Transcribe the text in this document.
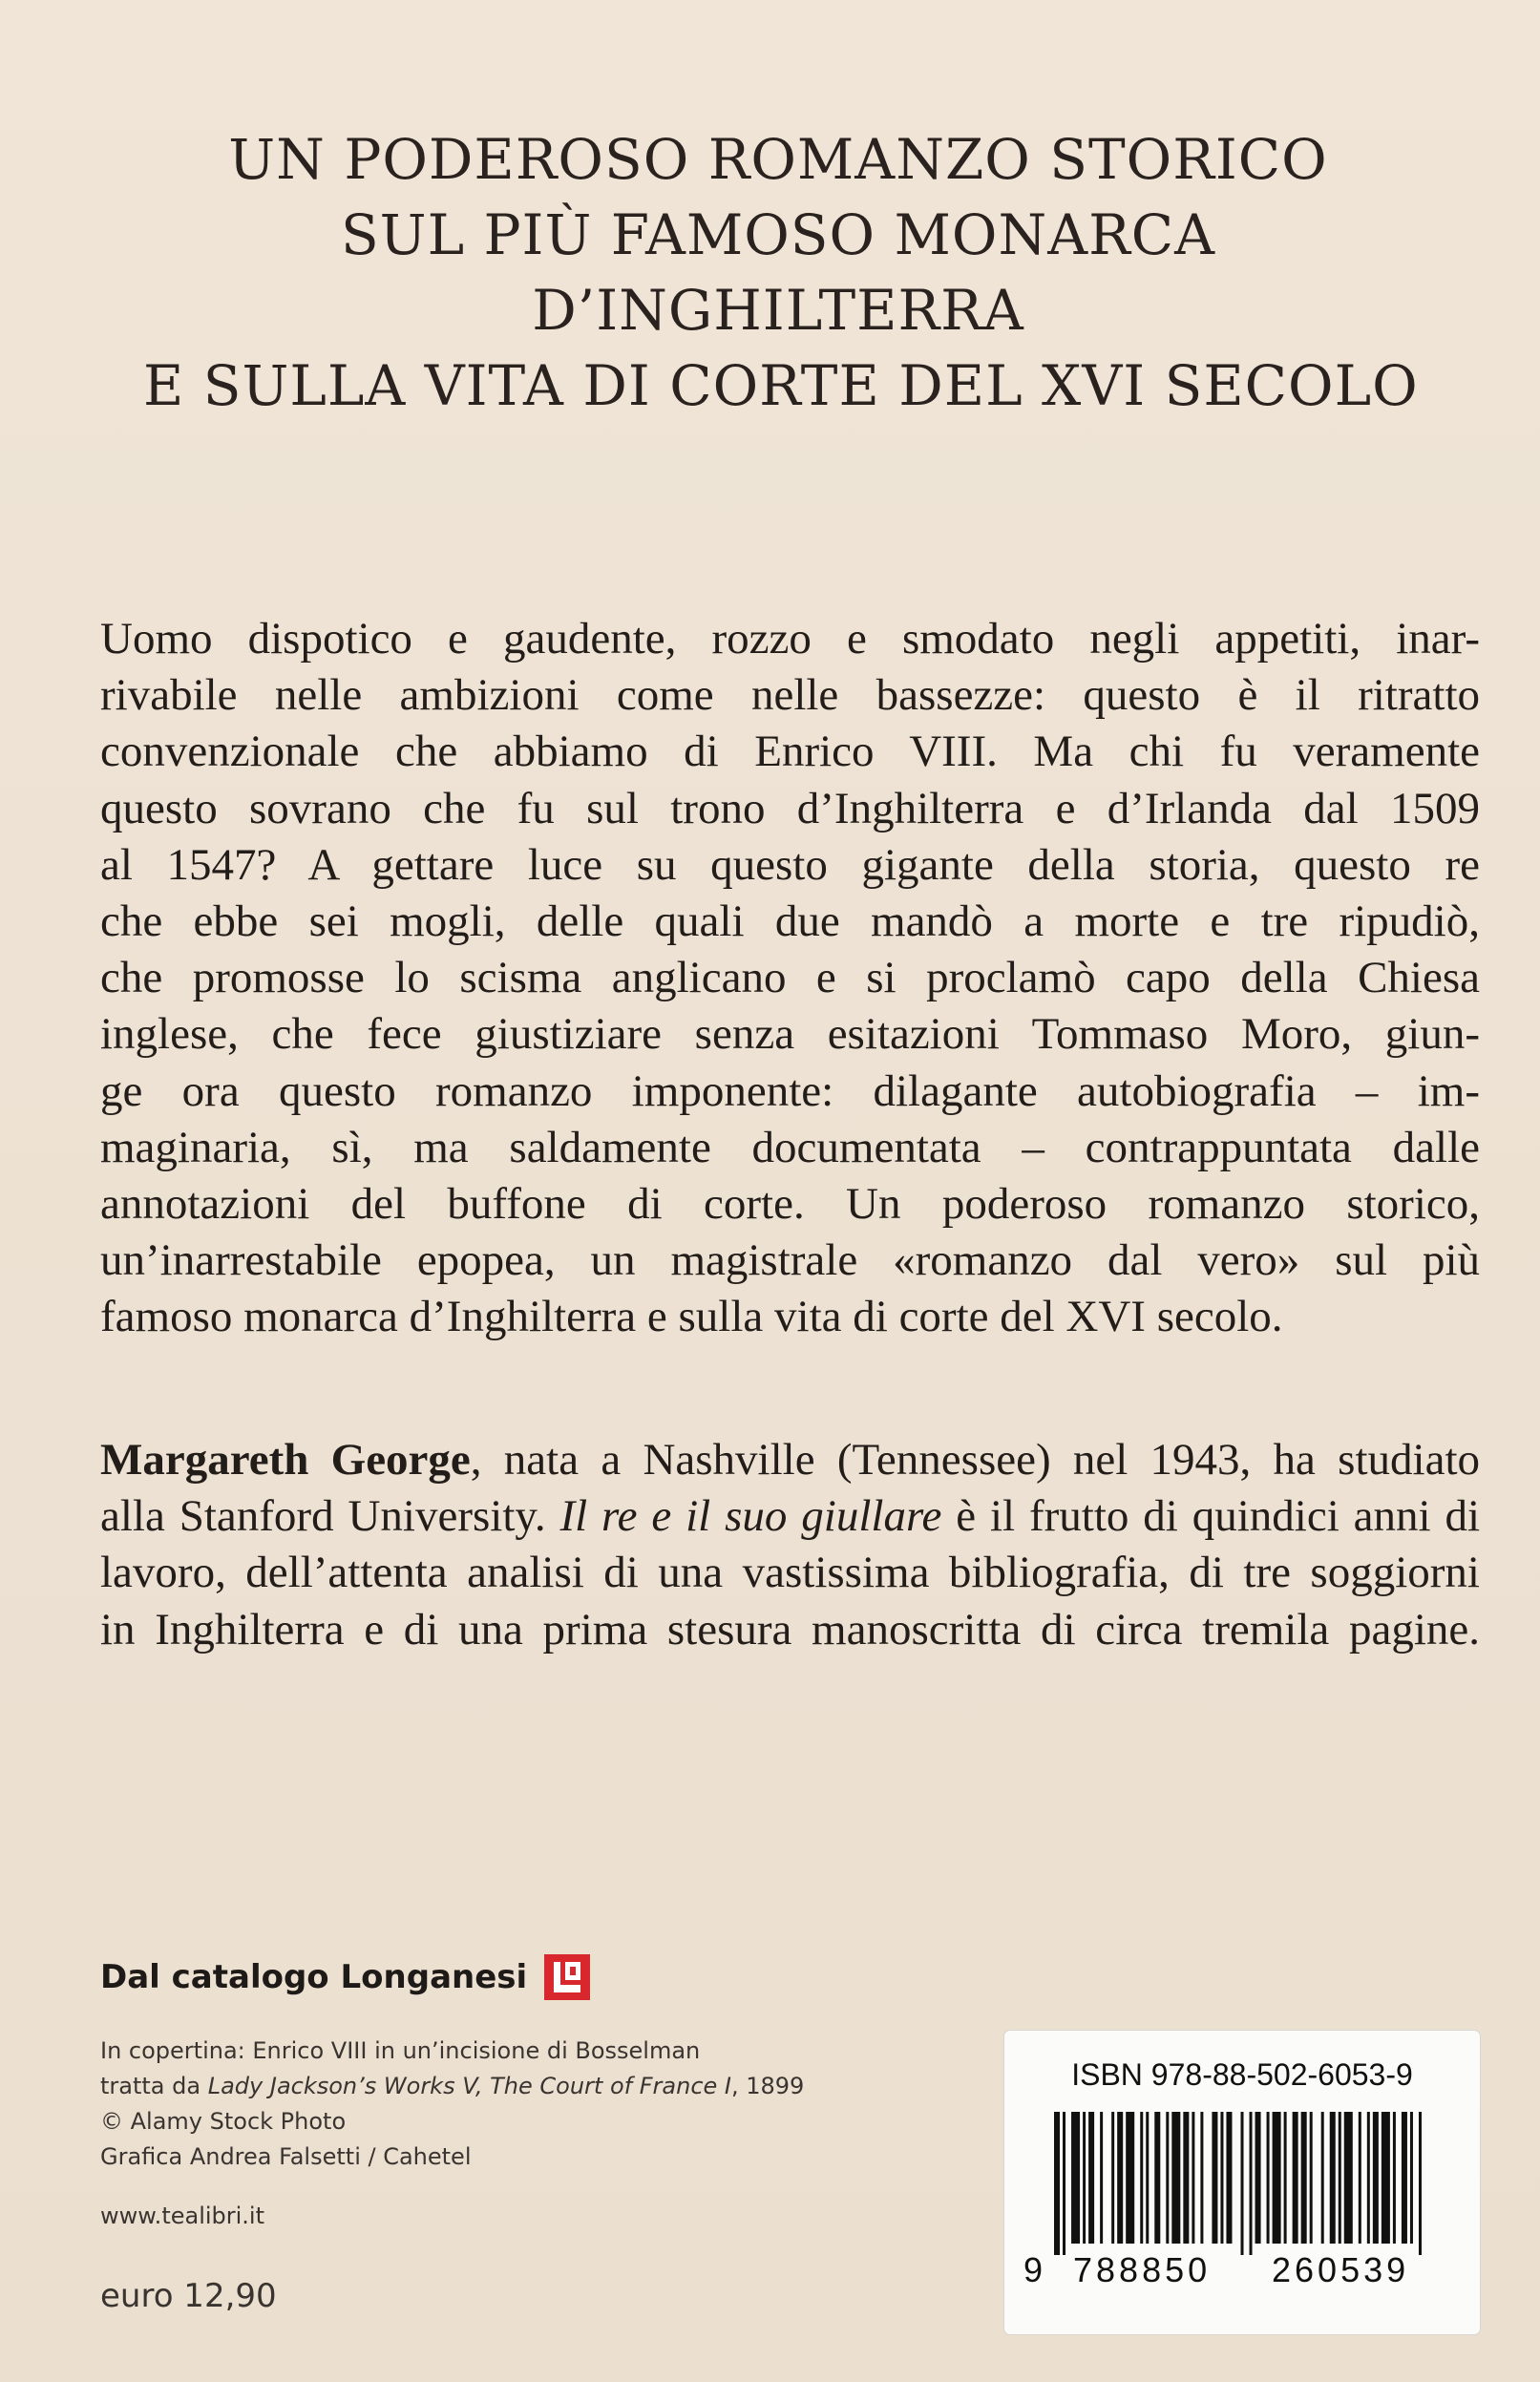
UN PODEROSO ROMANZO STORICO
SUL PIÙ FAMOSO MONARCA
D’INGHILTERRA
E SULLA VITA DI CORTE DEL XVI SECOLO
Uomo dispotico e gaudente, rozzo e smodato negli appetiti, inar-
rivabile nelle ambizioni come nelle bassezze: questo è il ritratto
convenzionale che abbiamo di Enrico VIII. Ma chi fu veramente
questo sovrano che fu sul trono d’Inghilterra e d’Irlanda dal 1509
al 1547? A gettare luce su questo gigante della storia, questo re
che ebbe sei mogli, delle quali due mandò a morte e tre ripudiò,
che promosse lo scisma anglicano e si proclamò capo della Chiesa
inglese, che fece giustiziare senza esitazioni Tommaso Moro, giun-
ge ora questo romanzo imponente: dilagante autobiografia – im-
maginaria, sì, ma saldamente documentata – contrappuntata dalle
annotazioni del buffone di corte. Un poderoso romanzo storico,
un’inarrestabile epopea, un magistrale «romanzo dal vero» sul più
famoso monarca d’Inghilterra e sulla vita di corte del XVI secolo.
Margareth George, nata a Nashville (Tennessee) nel 1943, ha studiato
alla Stanford University. Il re e il suo giullare è il frutto di quindici anni di
lavoro, dell’attenta analisi di una vastissima bibliografia, di tre soggiorni
in Inghilterra e di una prima stesura manoscritta di circa tremila pagine.
Dal catalogo Longanesi
In copertina: Enrico VIII in un’incisione di Bosselman
tratta da Lady Jackson’s Works V, The Court of France I, 1899
© Alamy Stock Photo
Grafica Andrea Falsetti / Cahetel
www.tealibri.it
euro 12,90
ISBN 978-88-502-6053-9
9 788850 260539
